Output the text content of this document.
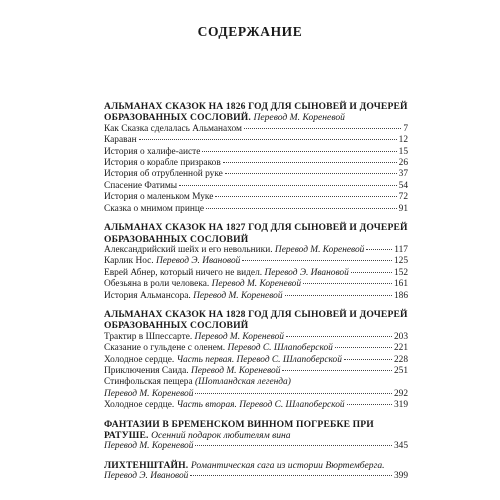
СОДЕРЖАНИЕ
АЛЬМАНАХ СКАЗОК НА 1826 ГОД ДЛЯ СЫНОВЕЙ И ДОЧЕРЕЙ ОБРАЗОВАННЫХ СОСЛОВИЙ. Перевод М. Кореневой
Как Сказка сделалась Альманахом	7
Караван	12
История о халифе-аисте	15
История о корабле призраков	26
История об отрубленной руке	37
Спасение Фатимы	54
История о маленьком Муке	72
Сказка о мнимом принце	91
АЛЬМАНАХ СКАЗОК НА 1827 ГОД ДЛЯ СЫНОВЕЙ И ДОЧЕРЕЙ ОБРАЗОВАННЫХ СОСЛОВИЙ
Александрийский шейх и его невольники. Перевод М. Кореневой	117
Карлик Нос. Перевод Э. Ивановой	125
Еврей Абнер, который ничего не видел. Перевод Э. Ивановой	152
Обезьяна в роли человека. Перевод М. Кореневой	161
История Альмансора. Перевод М. Кореневой	186
АЛЬМАНАХ СКАЗОК НА 1828 ГОД ДЛЯ СЫНОВЕЙ И ДОЧЕРЕЙ ОБРАЗОВАННЫХ СОСЛОВИЙ
Трактир в Шпессарте. Перевод М. Кореневой	203
Сказание о гульдене с оленем. Перевод С. Шлапоберской	221
Холодное сердце. Часть первая. Перевод С. Шлапоберской	228
Приключения Саида. Перевод М. Кореневой	251
Стинфольская пещера (Шотландская легенда)
Перевод М. Кореневой	292
Холодное сердце. Часть вторая. Перевод С. Шлапоберской	319
ФАНТАЗИИ В БРЕМЕНСКОМ ВИННОМ ПОГРЕБКЕ ПРИ РАТУШЕ. Осенний подарок любителям вина
Перевод М. Кореневой	345
ЛИХТЕНШТАЙН. Романтическая сага из истории Вюртемберга.
Перевод Э. Ивановой	399
